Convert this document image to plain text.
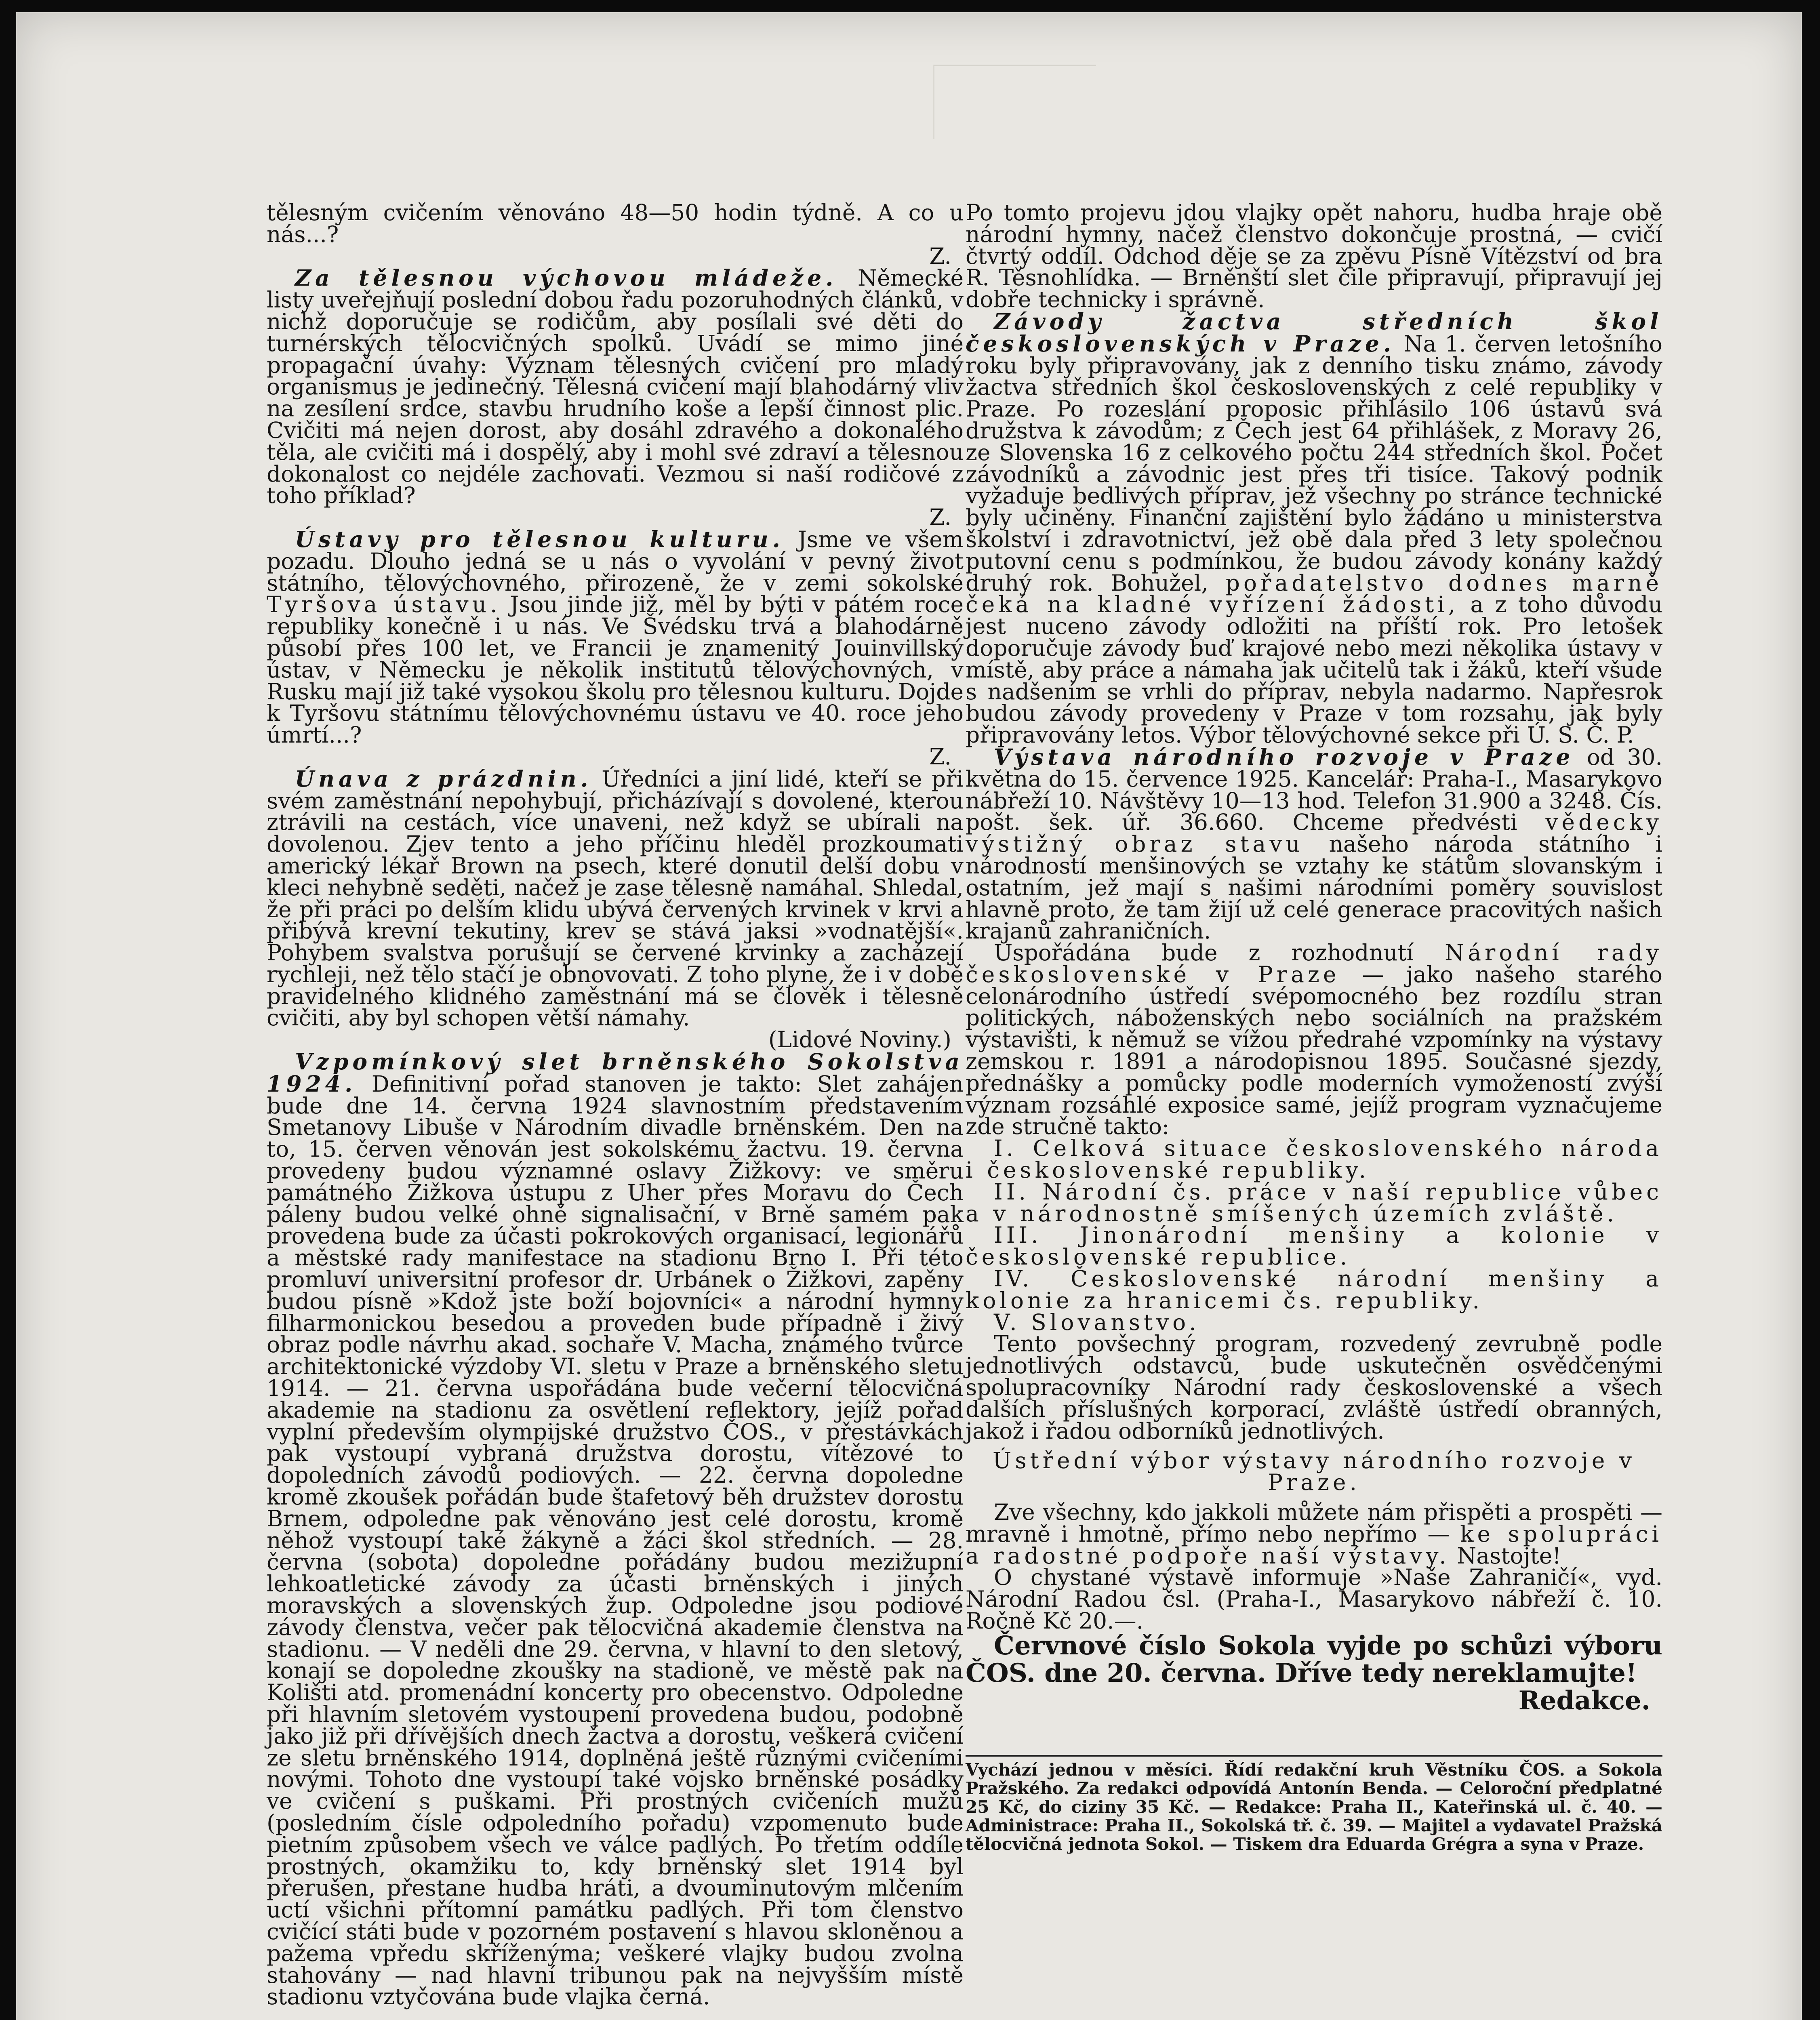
tělesným cvičením věnováno 48—50 hodin týdně. A co u nás...?
Z.

Za tělesnou výchovou mládeže. Německé listy uveřejňují poslední dobou řadu pozoruhodných článků, v nichž doporučuje se rodičům, aby posílali své děti do turnérských tělocvičných spolků. Uvádí se mimo jiné propagační úvahy: Význam tělesných cvičení pro mladý organismus je jedinečný. Tělesná cvičení mají blahodárný vliv na zesílení srdce, stavbu hrudního koše a lepší činnost plic. Cvičiti má nejen dorost, aby dosáhl zdravého a dokonalého těla, ale cvičiti má i dospělý, aby i mohl své zdraví a tělesnou dokonalost co nejdéle zachovati. Vezmou si naší rodičové z toho příklad?
Z.

Ústavy pro tělesnou kulturu. Jsme ve všem pozadu. Dlouho jedná se u nás o vyvolání v pevný život státního, tělovýchovného, přirozeně, že v zemi sokolské Tyršova ústavu. Jsou jinde již, měl by býti v pátém roce republiky konečně i u nás. Ve Švédsku trvá a blahodárně působí přes 100 let, ve Francii je znamenitý Jouinvillský ústav, v Německu je několik institutů tělovýchovných, v Rusku mají již také vysokou školu pro tělesnou kulturu. Dojde k Tyršovu státnímu tělovýchovnému ústavu ve 40. roce jeho úmrtí...?
Z.

Únava z prázdnin. Úředníci a jiní lidé, kteří se při svém zaměstnání nepohybují, přicházívají s dovolené, kterou ztrávili na cestách, více unaveni, než když se ubírali na dovolenou. Zjev tento a jeho příčinu hleděl prozkoumati americký lékař Brown na psech, které donutil delší dobu v kleci nehybně seděti, načež je zase tělesně namáhal. Shledal, že při práci po delším klidu ubývá červených krvinek v krvi a přibývá krevní tekutiny, krev se stává jaksi »vodnatější«. Pohybem svalstva porušují se červené krvinky a zacházejí rychleji, než tělo stačí je obnovovati. Z toho plyne, že i v době pravidelného klidného zaměstnání má se člověk i tělesně cvičiti, aby byl schopen větší námahy.
(Lidové Noviny.)

Vzpomínkový slet brněnského Sokolstva 1924. Definitivní pořad stanoven je takto: Slet zahájen bude dne 14. června 1924 slavnostním představením Smetanovy Libuše v Národním divadle brněnském. Den na to, 15. červen věnován jest sokolskému žactvu. 19. června provedeny budou významné oslavy Žižkovy: ve směru památného Žižkova ústupu z Uher přes Moravu do Čech páleny budou velké ohně signalisační, v Brně samém pak provedena bude za účasti pokrokových organisací, legionářů a městské rady manifestace na stadionu Brno I. Při této promluví universitní profesor dr. Urbánek o Žižkovi, zapěny budou písně »Kdož jste boží bojovníci« a národní hymny filharmonickou besedou a proveden bude případně i živý obraz podle návrhu akad. sochaře V. Macha, známého tvůrce architektonické výzdoby VI. sletu v Praze a brněnského sletu 1914. — 21. června uspořádána bude večerní tělocvičná akademie na stadionu za osvětlení reflektory, jejíž pořad vyplní především olympijské družstvo ČOS., v přestávkách pak vystoupí vybraná družstva dorostu, vítězové to dopoledních závodů podiových. — 22. června dopoledne kromě zkoušek pořádán bude štafetový běh družstev dorostu Brnem, odpoledne pak věnováno jest celé dorostu, kromě něhož vystoupí také žákyně a žáci škol středních. — 28. června (sobota) dopoledne pořádány budou mezižupní lehkoatletické závody za účasti brněnských i jiných moravských a slovenských žup. Odpoledne jsou podiové závody členstva, večer pak tělocvičná akademie členstva na stadionu. — V neděli dne 29. června, v hlavní to den sletový, konají se dopoledne zkoušky na stadioně, ve městě pak na Kolišti atd. promenádní koncerty pro obecenstvo. Odpoledne při hlavním sletovém vystoupení provedena budou, podobně jako již při dřívějších dnech žactva a dorostu, veškerá cvičení ze sletu brněnského 1914, doplněná ještě různými cvičeními novými. Tohoto dne vystoupí také vojsko brněnské posádky ve cvičení s puškami. Při prostných cvičeních mužů (posledním čísle odpoledního pořadu) vzpomenuto bude pietním způsobem všech ve válce padlých. Po třetím oddíle prostných, okamžiku to, kdy brněnský slet 1914 byl přerušen, přestane hudba hráti, a dvouminutovým mlčením uctí všichni přítomní památku padlých. Při tom členstvo cvičící státi bude v pozorném postavení s hlavou skloněnou a pažema vpředu skříženýma; veškeré vlajky budou zvolna stahovány — nad hlavní tribunou pak na nejvyšším místě stadionu vztyčována bude vlajka černá.

Po tomto projevu jdou vlajky opět nahoru, hudba hraje obě národní hymny, načež členstvo dokončuje prostná, — cvičí čtvrtý oddíl. Odchod děje se za zpěvu Písně Vítězství od bra R. Těsnohlídka. — Brněnští slet čile připravují, připravují jej dobře technicky i správně.

Závody žactva středních škol československých v Praze. Na 1. červen letošního roku byly připravovány, jak z denního tisku známo, závody žactva středních škol československých z celé republiky v Praze. Po rozeslání proposic přihlásilo 106 ústavů svá družstva k závodům; z Čech jest 64 přihlášek, z Moravy 26, ze Slovenska 16 z celkového počtu 244 středních škol. Počet závodníků a závodnic jest přes tři tisíce. Takový podnik vyžaduje bedlivých příprav, jež všechny po stránce technické byly učiněny. Finanční zajištění bylo žádáno u ministerstva školství i zdravotnictví, jež obě dala před 3 lety společnou putovní cenu s podmínkou, že budou závody konány každý druhý rok. Bohužel, pořadatelstvo dodnes marně čeká na kladné vyřízení žádosti, a z toho důvodu jest nuceno závody odložiti na příští rok. Pro letošek doporučuje závody buď krajové nebo mezi několika ústavy v místě, aby práce a námaha jak učitelů tak i žáků, kteří všude s nadšením se vrhli do příprav, nebyla nadarmo. Napřesrok budou závody provedeny v Praze v tom rozsahu, jak byly připravovány letos. Výbor tělovýchovné sekce při Ú. S. Č. P.

Výstava národního rozvoje v Praze od 30. května do 15. července 1925. Kancelář: Praha-I., Masarykovo nábřeží 10. Návštěvy 10—13 hod. Telefon 31.900 a 3248. Čís. pošt. šek. úř. 36.660. Chceme předvésti vědecky výstižný obraz stavu našeho národa státního i národností menšinových se vztahy ke státům slovanským i ostatním, jež mají s našimi národními poměry souvislost hlavně proto, že tam žijí už celé generace pracovitých našich krajanů zahraničních.

Uspořádána bude z rozhodnutí Národní rady československé v Praze — jako našeho starého celonárodního ústředí svépomocného bez rozdílu stran politických, náboženských nebo sociálních na pražském výstavišti, k němuž se vížou předrahé vzpomínky na výstavy zemskou r. 1891 a národopisnou 1895. Současné sjezdy, přednášky a pomůcky podle moderních vymožeností zvýší význam rozsáhlé exposice samé, jejíž program vyznačujeme zde stručně takto:

I. Celková situace československého národa i československé republiky.

II. Národní čs. práce v naší republice vůbec a v národnostně smíšených územích zvláště.

III. Jinonárodní menšiny a kolonie v československé republice.

IV. Československé národní menšiny a kolonie za hranicemi čs. republiky.

V. Slovanstvo.

Tento povšechný program, rozvedený zevrubně podle jednotlivých odstavců, bude uskutečněn osvědčenými spolupracovníky Národní rady československé a všech dalších příslušných korporací, zvláště ústředí obranných, jakož i řadou odborníků jednotlivých.

Ústřední výbor výstavy národního rozvoje v Praze.

Zve všechny, kdo jakkoli můžete nám přispěti a prospěti — mravně i hmotně, přímo nebo nepřímo — ke spolupráci a radostné podpoře naší výstavy. Nastojte!

O chystané výstavě informuje »Naše Zahraničí«, vyd. Národní Radou čsl. (Praha-I., Masarykovo nábřeží č. 10. Ročně Kč 20.—.

Červnové číslo Sokola vyjde po schůzi výboru ČOS. dne 20. června. Dříve tedy nereklamujte!
Redakce.

Vychází jednou v měsíci. Řídí redakční kruh Věstníku ČOS. a Sokola Pražského. Za redakci odpovídá Antonín Benda. — Celoroční předplatné 25 Kč, do ciziny 35 Kč. — Redakce: Praha II., Kateřinská ul. č. 40. — Administrace: Praha II., Sokolská tř. č. 39. — Majitel a vydavatel Pražská tělocvičná jednota Sokol. — Tiskem dra Eduarda Grégra a syna v Praze.
